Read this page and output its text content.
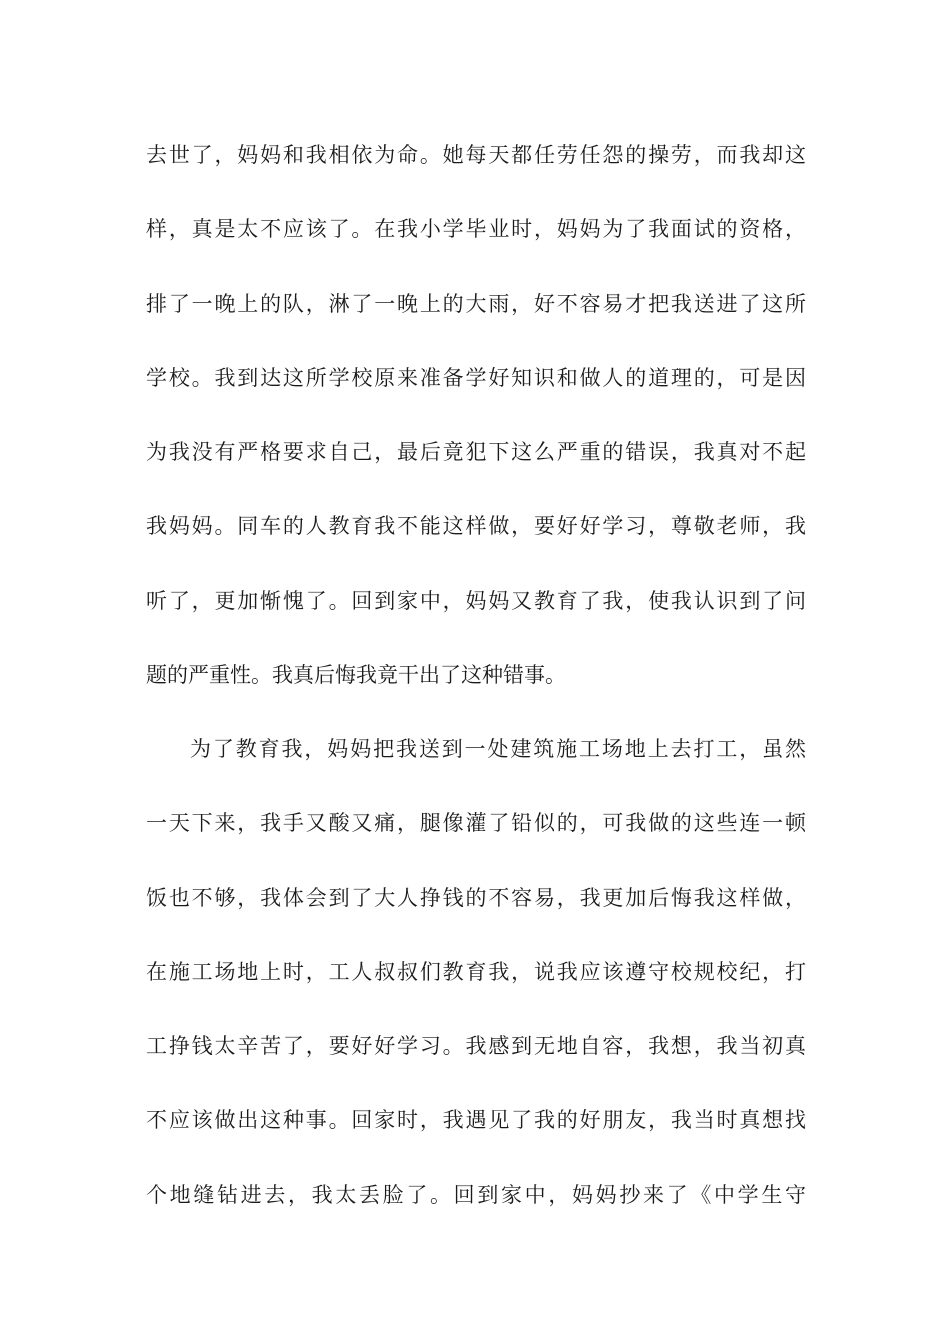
去世了，妈妈和我相依为命。她每天都任劳任怨的操劳，而我却这

样，真是太不应该了。在我小学毕业时，妈妈为了我面试的资格，

排了一晚上的队，淋了一晚上的大雨，好不容易才把我送进了这所

学校。我到达这所学校原来准备学好知识和做人的道理的，可是因

为我没有严格要求自己，最后竟犯下这么严重的错误，我真对不起

我妈妈。同车的人教育我不能这样做，要好好学习，尊敬老师，我

听了，更加惭愧了。回到家中，妈妈又教育了我，使我认识到了问

题的严重性。我真后悔我竟干出了这种错事。

为了教育我，妈妈把我送到一处建筑施工场地上去打工，虽然

一天下来，我手又酸又痛，腿像灌了铅似的，可我做的这些连一顿

饭也不够，我体会到了大人挣钱的不容易，我更加后悔我这样做，

在施工场地上时，工人叔叔们教育我，说我应该遵守校规校纪，打

工挣钱太辛苦了，要好好学习。我感到无地自容，我想，我当初真

不应该做出这种事。回家时，我遇见了我的好朋友，我当时真想找

个地缝钻进去，我太丢脸了。回到家中，妈妈抄来了《中学生守
